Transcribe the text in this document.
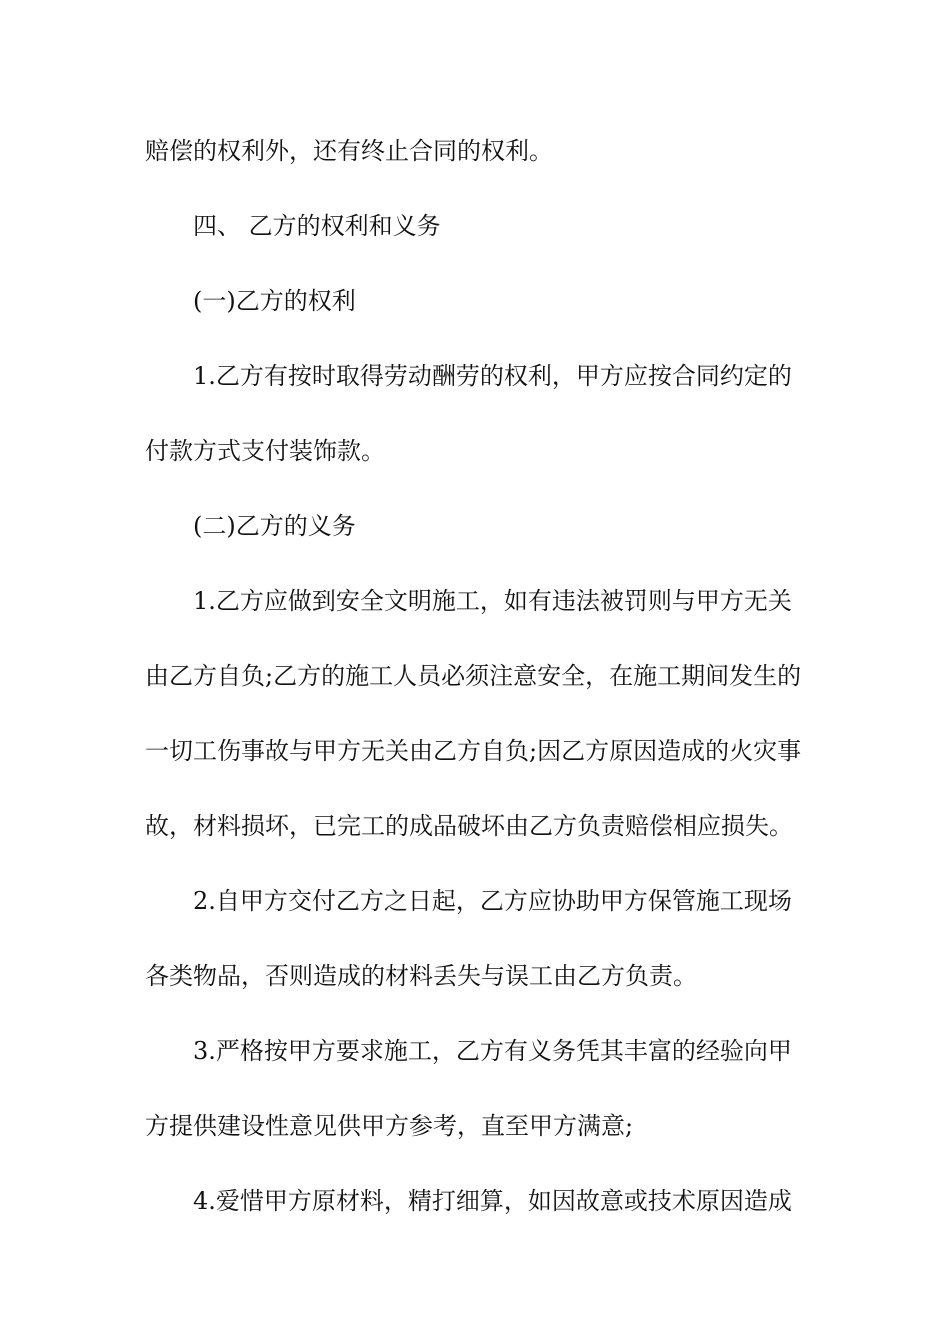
赔偿的权利外，还有终止合同的权利。

四、 乙方的权利和义务

(一)乙方的权利

1.乙方有按时取得劳动酬劳的权利，甲方应按合同约定的

付款方式支付装饰款。

(二)乙方的义务

1.乙方应做到安全文明施工，如有违法被罚则与甲方无关

由乙方自负;乙方的施工人员必须注意安全，在施工期间发生的

一切工伤事故与甲方无关由乙方自负;因乙方原因造成的火灾事

故，材料损坏，已完工的成品破坏由乙方负责赔偿相应损失。

2.自甲方交付乙方之日起，乙方应协助甲方保管施工现场

各类物品，否则造成的材料丢失与误工由乙方负责。

3.严格按甲方要求施工，乙方有义务凭其丰富的经验向甲

方提供建设性意见供甲方参考，直至甲方满意;

4.爱惜甲方原材料，精打细算，如因故意或技术原因造成
